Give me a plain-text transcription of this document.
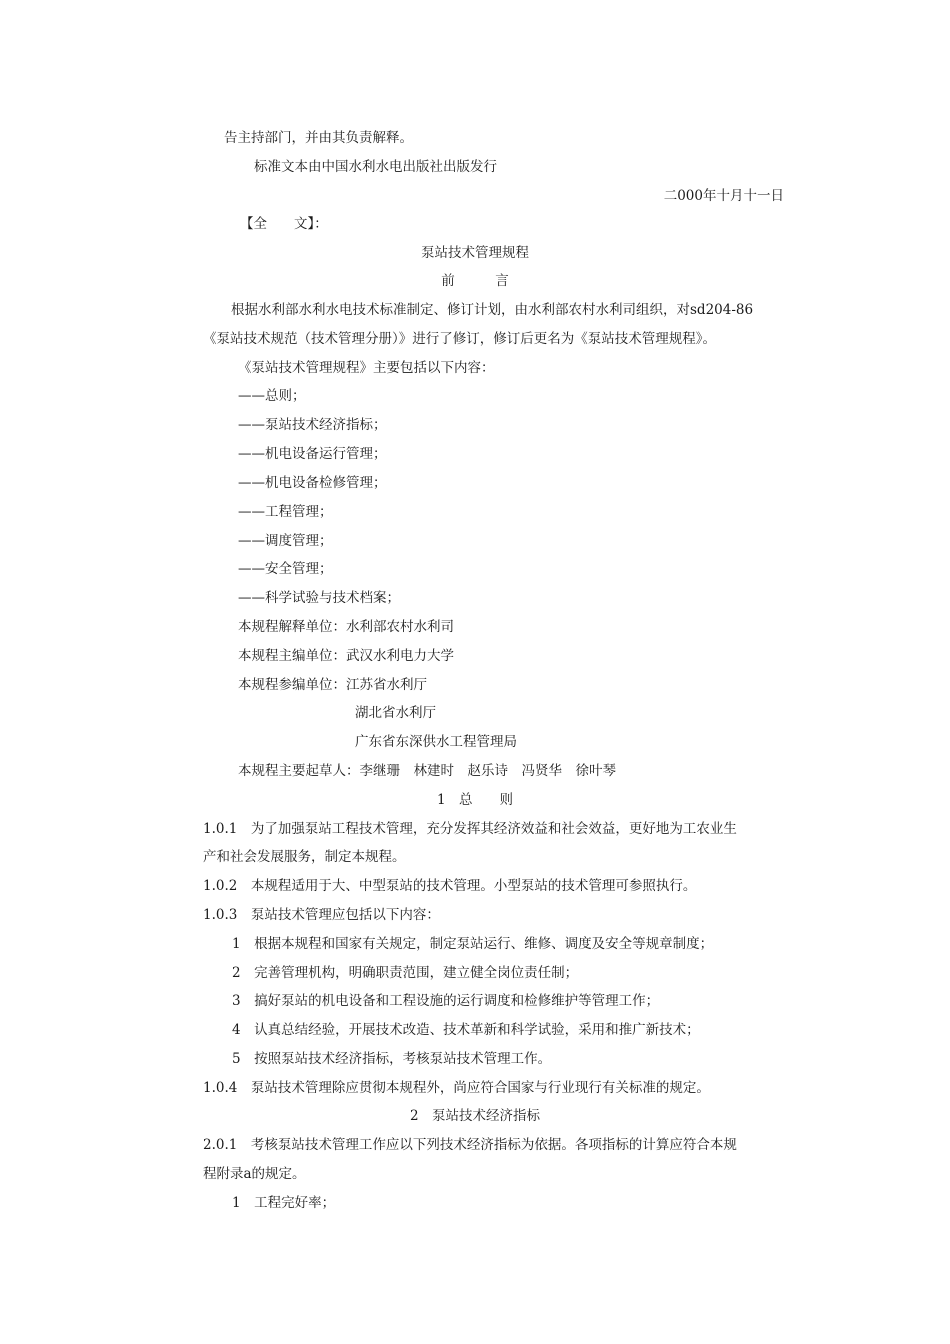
告主持部门，并由其负责解释。
标准文本由中国水利水电出版社出版发行
二000年十月十一日
【全　　文】：
泵站技术管理规程
前　　　言
根据水利部水利水电技术标准制定、修订计划，由水利部农村水利司组织，对sd204-86
《泵站技术规范（技术管理分册）》进行了修订，修订后更名为《泵站技术管理规程》。
《泵站技术管理规程》主要包括以下内容：
——总则；
——泵站技术经济指标；
——机电设备运行管理；
——机电设备检修管理；
——工程管理；
——调度管理；
——安全管理；
——科学试验与技术档案；
本规程解释单位：水利部农村水利司
本规程主编单位：武汉水利电力大学
本规程参编单位：江苏省水利厅
湖北省水利厅
广东省东深供水工程管理局
本规程主要起草人：李继珊　林建时　赵乐诗　冯贤华　徐叶琴
1　总　　则
1.0.1　为了加强泵站工程技术管理，充分发挥其经济效益和社会效益，更好地为工农业生
产和社会发展服务，制定本规程。
1.0.2　本规程适用于大、中型泵站的技术管理。小型泵站的技术管理可参照执行。
1.0.3　泵站技术管理应包括以下内容：
1　根据本规程和国家有关规定，制定泵站运行、维修、调度及安全等规章制度；
2　完善管理机构，明确职责范围，建立健全岗位责任制；
3　搞好泵站的机电设备和工程设施的运行调度和检修维护等管理工作；
4　认真总结经验，开展技术改造、技术革新和科学试验，采用和推广新技术；
5　按照泵站技术经济指标，考核泵站技术管理工作。
1.0.4　泵站技术管理除应贯彻本规程外，尚应符合国家与行业现行有关标准的规定。
2　泵站技术经济指标
2.0.1　考核泵站技术管理工作应以下列技术经济指标为依据。各项指标的计算应符合本规
程附录a的规定。
1　工程完好率；
